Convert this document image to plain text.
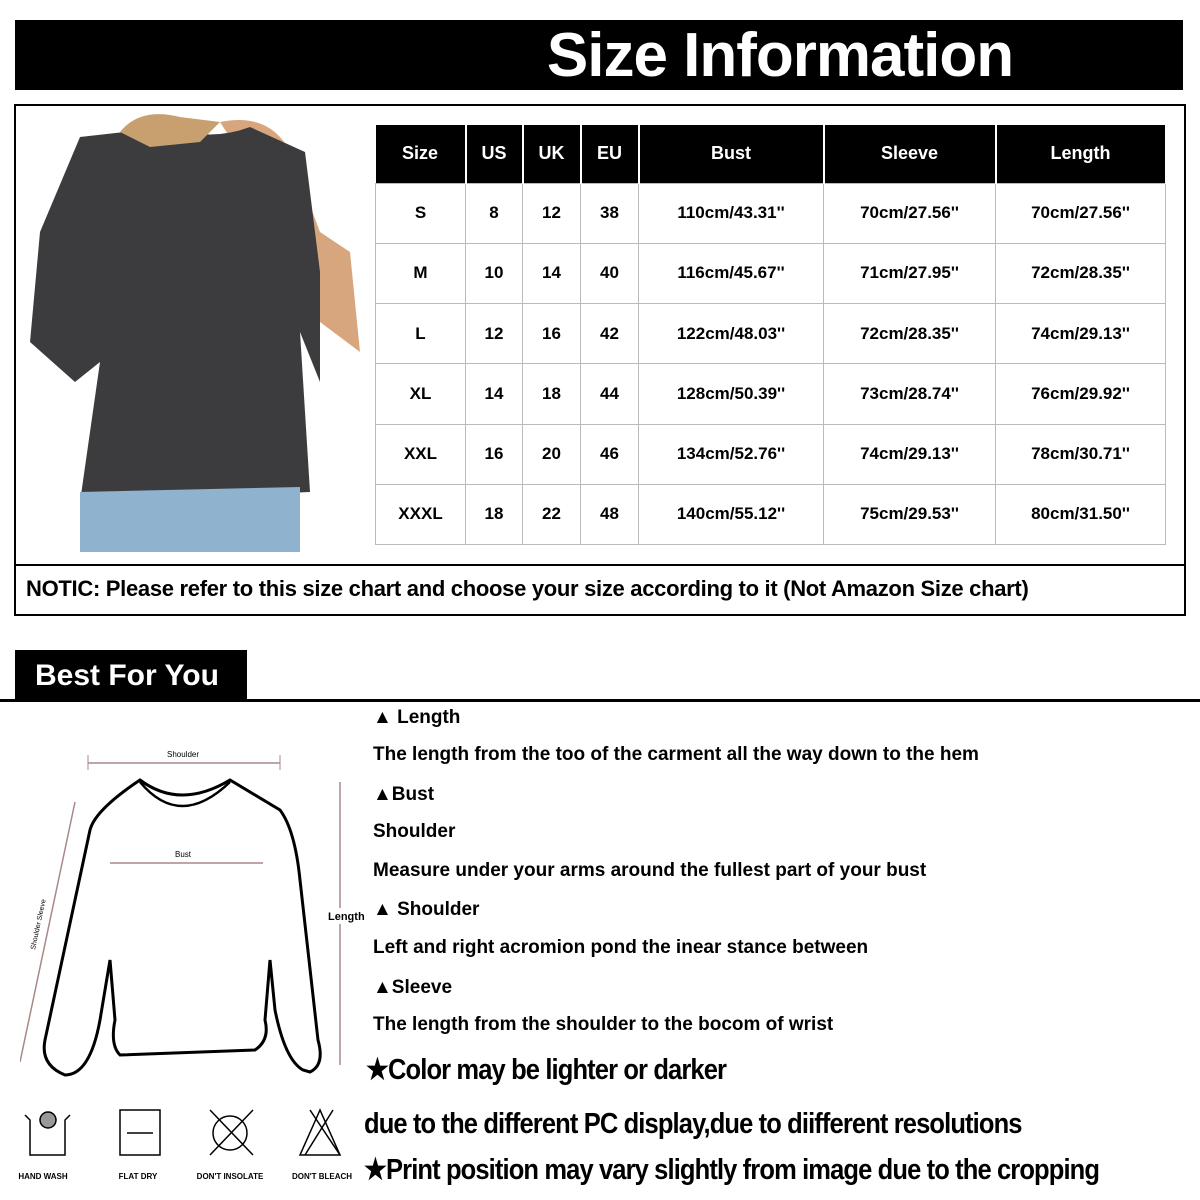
Size Information
Size	US	UK	EU	Bust	Sleeve	Length
S	8	12	38	110cm/43.31''	70cm/27.56''	70cm/27.56''
M	10	14	40	116cm/45.67''	71cm/27.95''	72cm/28.35''
L	12	16	42	122cm/48.03''	72cm/28.35''	74cm/29.13''
XL	14	18	44	128cm/50.39''	73cm/28.74''	76cm/29.92''
XXL	16	20	46	134cm/52.76''	74cm/29.13''	78cm/30.71''
XXXL	18	22	48	140cm/55.12''	75cm/29.53''	80cm/31.50''
NOTIC: Please refer to this size chart and choose your size according to it (Not Amazon Size chart)
Best For You
Shoulder
Bust
Length
Shoulder Sleeve
HAND WASH	FLAT DRY	DON'T INSOLATE	DON'T BLEACH
▲ Length
The length from the too of the carment all the way down to the hem
▲Bust
Shoulder
Measure under your arms around the fullest part of your bust
▲ Shoulder
Left and right acromion pond the inear stance between
▲Sleeve
The length from the shoulder to the bocom of wrist
★Color may be lighter or darker
due to the different PC display,due to diifferent resolutions
★Print position may vary slightly from image due to the cropping
